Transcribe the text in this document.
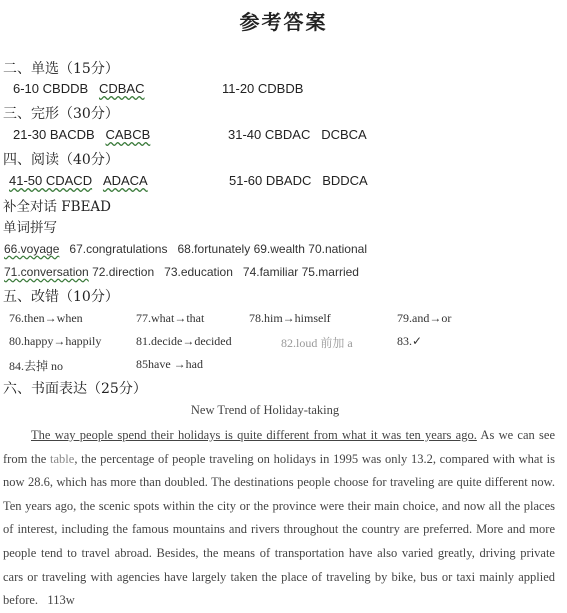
参考答案
二、单选（15分）
6-10 CBDDB CDBAC	11-20 CDBDB
三、完形（30分）
21-30 BACDB CABCB	31-40 CBDAC DCBCA
四、阅读（40分）
41-50 CDACD ADACA	51-60 DBADC BDDCA
补全对话 FBEAD
单词拼写
66.voyage 67.congratulations 68.fortunately 69.wealth 70.national
71.conversation 72.direction 73.education 74.familiar 75.married
五、改错（10分）
76.then→when	77.what→that	78.him→himself	79.and→or
80.happy→happily	81.decide→decided	82.loud 前加 a	83.✓
84.去掉 no	85have →had
六、书面表达（25分）
New Trend of Holiday-taking

The way people spend their holidays is quite different from what it was ten years ago. As we can see from the table, the percentage of people traveling on holidays in 1995 was only 13.2, compared with what is now 28.6, which has more than doubled. The destinations people choose for traveling are quite different now. Ten years ago, the scenic spots within the city or the province were their main choice, and now all the places of interest, including the famous mountains and rivers throughout the country are preferred. More and more people tend to travel abroad. Besides, the means of transportation have also varied greatly, driving private cars or traveling with agencies have largely taken the place of traveling by bike, bus or taxi mainly applied before. 113w
